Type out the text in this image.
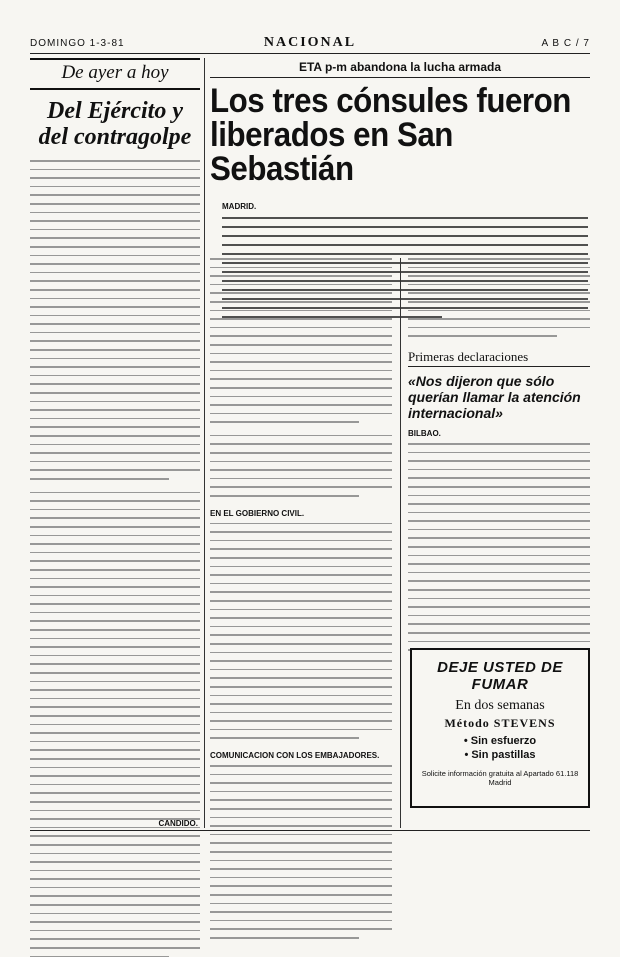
DOMINGO 1-3-81	NACIONAL	A B C / 7

De ayer a hoy

Del Ejército y del contragolpe
CANDIDO.

ETA p-m abandona la lucha armada

Los tres cónsules fueron liberados en San Sebastián
MADRID.

EN EL GOBIERNO CIVIL.

COMUNICACION CON LOS EMBAJADORES.

Primeras declaraciones
«Nos dijeron que sólo querían llamar la atención internacional»

BILBAO.

DEJE USTED DE FUMAR

En dos semanas

Método STEVENS

• Sin esfuerzo

• Sin pastillas

Solicite información gratuita al Apartado 61.118 Madrid
